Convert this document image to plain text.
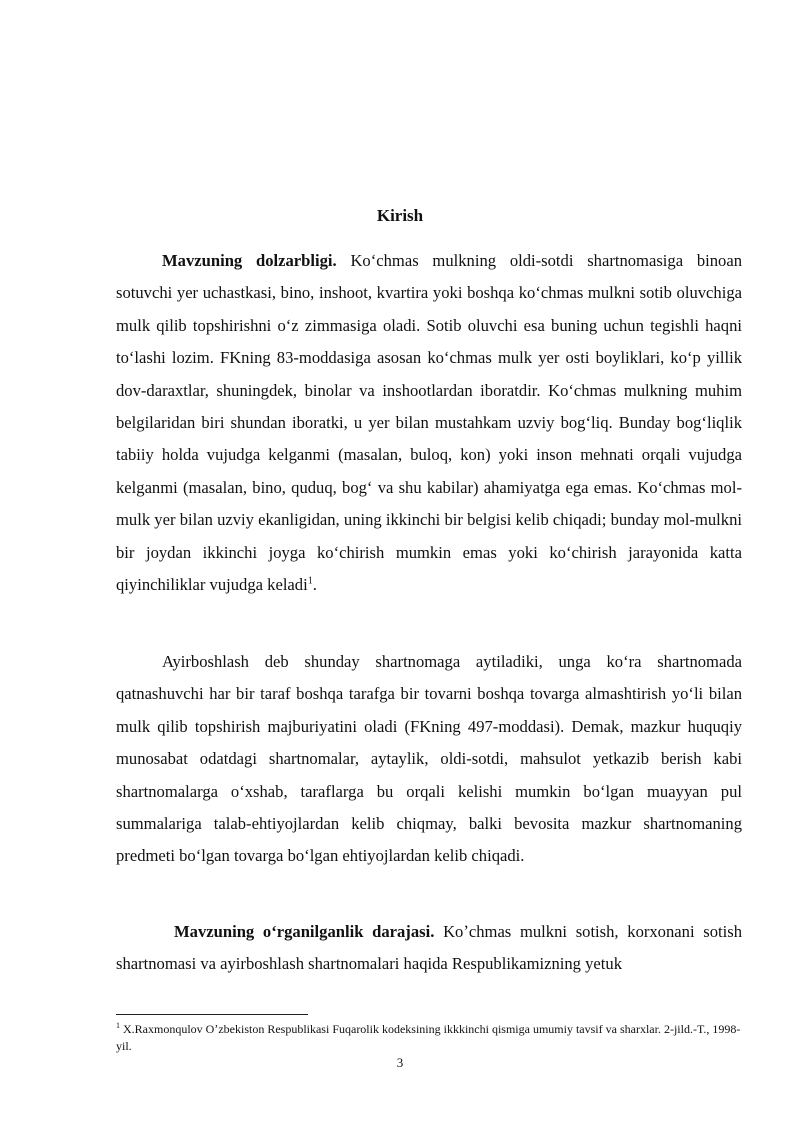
Kirish

Mavzuning dolzarbligi. Koʻchmas mulkning oldi-sotdi shartnomasiga binoan sotuvchi yer uchastkasi, bino, inshoot, kvartira yoki boshqa koʻchmas mulkni sotib oluvchiga mulk qilib topshirishni oʻz zimmasiga oladi. Sotib oluvchi esa buning uchun tegishli haqni toʻlashi lozim. FKning 83-moddasiga asosan koʻchmas mulk yer osti boyliklari, koʻp yillik dov-daraxtlar, shuningdek, binolar va inshootlardan iboratdir. Koʻchmas mulkning muhim belgilaridan biri shundan iboratki, u yer bilan mustahkam uzviy bogʻliq. Bunday bogʻliqlik tabiiy holda vujudga kelganmi (masalan, buloq, kon) yoki inson mehnati orqali vujudga kelganmi (masalan, bino, quduq, bogʻ va shu kabilar) ahamiyatga ega emas. Koʻchmas mol-mulk yer bilan uzviy ekanligidan, uning ikkinchi bir belgisi kelib chiqadi; bunday mol-mulkni bir joydan ikkinchi joyga koʻchirish mumkin emas yoki koʻchirish jarayonida katta qiyinchiliklar vujudga keladi$^1$.

Ayirboshlash deb shunday shartnomaga aytiladiki, unga koʻra shartnomada qatnashuvchi har bir taraf boshqa tarafga bir tovarni boshqa tovarga almashtirish yoʻli bilan mulk qilib topshirish majburiyatini oladi (FKning 497-moddasi). Demak, mazkur huquqiy munosabat odatdagi shartnomalar, aytaylik, oldi-sotdi, mahsulot yetkazib berish kabi shartnomalarga oʻxshab, taraflarga bu orqali kelishi mumkin boʻlgan muayyan pul summalariga talab-ehtiyojlardan kelib chiqmay, balki bevosita mazkur shartnomaning predmeti boʻlgan tovarga boʻlgan ehtiyojlardan kelib chiqadi.

Mavzuning oʻrganilganlik darajasi. Koʼchmas mulkni sotish, korxonani sotish shartnomasi va ayirboshlash shartnomalari haqida Respublikamizning yetuk

$^1$ X.Raxmonqulov Oʼzbekiston Respublikasi Fuqarolik kodeksining ikkkinchi qismiga umumiy tavsif va sharxlar. 2-jild.-T., 1998-yil.

3
